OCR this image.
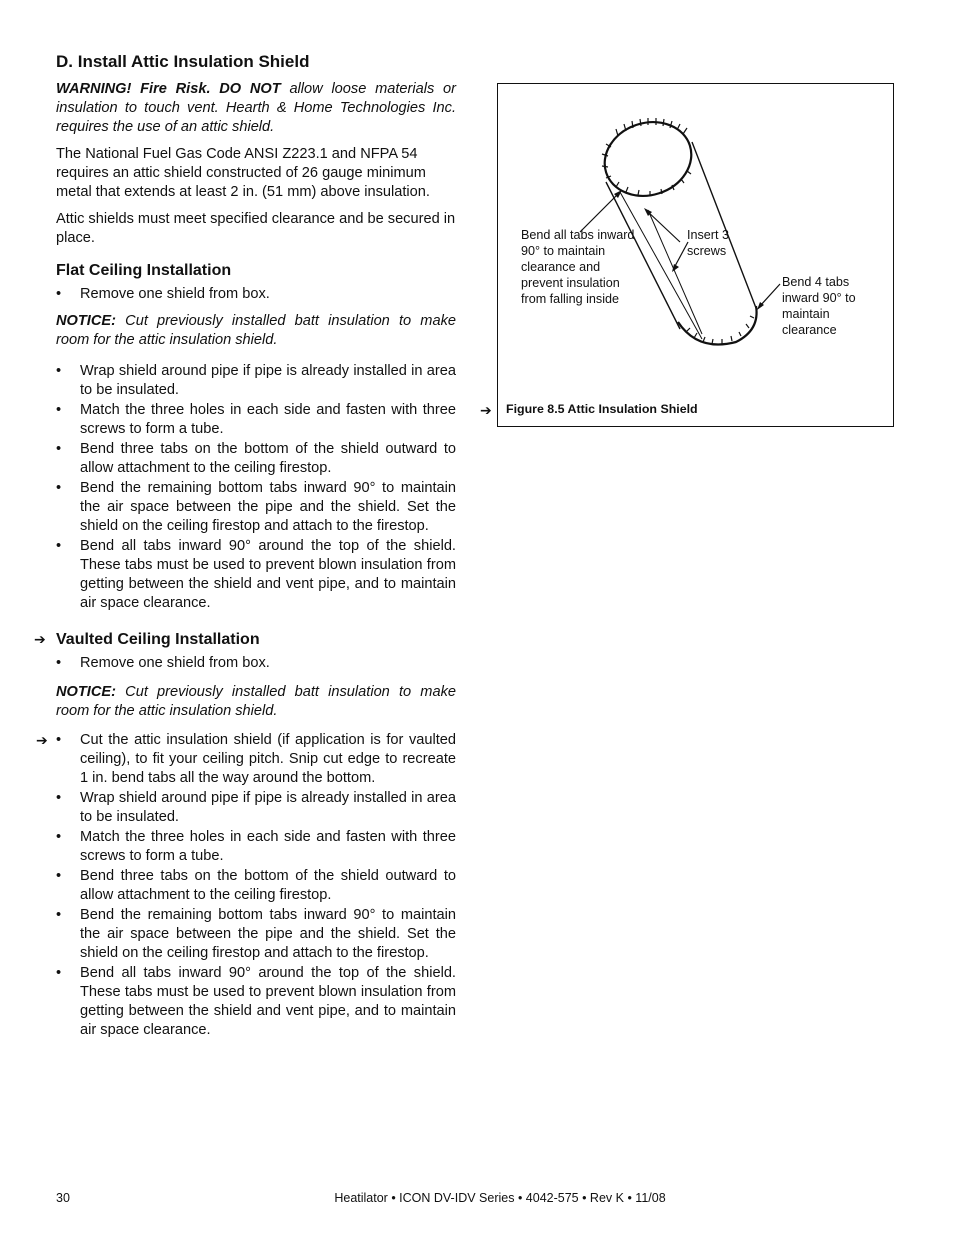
D. Install Attic Insulation Shield

WARNING! Fire Risk. DO NOT allow loose materials or insulation to touch vent. Hearth & Home Technologies Inc. requires the use of an attic shield.

The National Fuel Gas Code ANSI Z223.1 and NFPA 54 requires an attic shield constructed of 26 gauge minimum metal that extends at least 2 in. (51 mm) above insulation.

Attic shields must meet specified clearance and be secured in place.

Flat Ceiling Installation
• Remove one shield from box.

NOTICE: Cut previously installed batt insulation to make room for the attic insulation shield.

• Wrap shield around pipe if pipe is already installed in area to be insulated.
• Match the three holes in each side and fasten with three screws to form a tube.
• Bend three tabs on the bottom of the shield outward to allow attachment to the ceiling firestop.
• Bend the remaining bottom tabs inward 90° to maintain the air space between the pipe and the shield. Set the shield on the ceiling firestop and attach to the firestop.
• Bend all tabs inward 90° around the top of the shield. These tabs must be used to prevent blown insulation from getting between the shield and vent pipe, and to maintain air space clearance.
➔ Vaulted Ceiling Installation
• Remove one shield from box.

NOTICE: Cut previously installed batt insulation to make room for the attic insulation shield.

➔ • Cut the attic insulation shield (if application is for vaulted ceiling), to fit your ceiling pitch. Snip cut edge to recreate 1 in. bend tabs all the way around the bottom.
• Wrap shield around pipe if pipe is already installed in area to be insulated.
• Match the three holes in each side and fasten with three screws to form a tube.
• Bend three tabs on the bottom of the shield outward to allow attachment to the ceiling firestop.
• Bend the remaining bottom tabs inward 90° to maintain the air space between the pipe and the shield. Set the shield on the ceiling firestop and attach to the firestop.
• Bend all tabs inward 90° around the top of the shield. These tabs must be used to prevent blown insulation from getting between the shield and vent pipe, and to maintain air space clearance.
Bend all tabs inward 90° to maintain clearance and prevent insulation from falling inside
Insert 3 screws
Bend 4 tabs inward 90° to maintain clearance
Figure 8.5 Attic Insulation Shield
➔
30	Heatilator • ICON DV-IDV Series • 4042-575 • Rev K • 11/08
